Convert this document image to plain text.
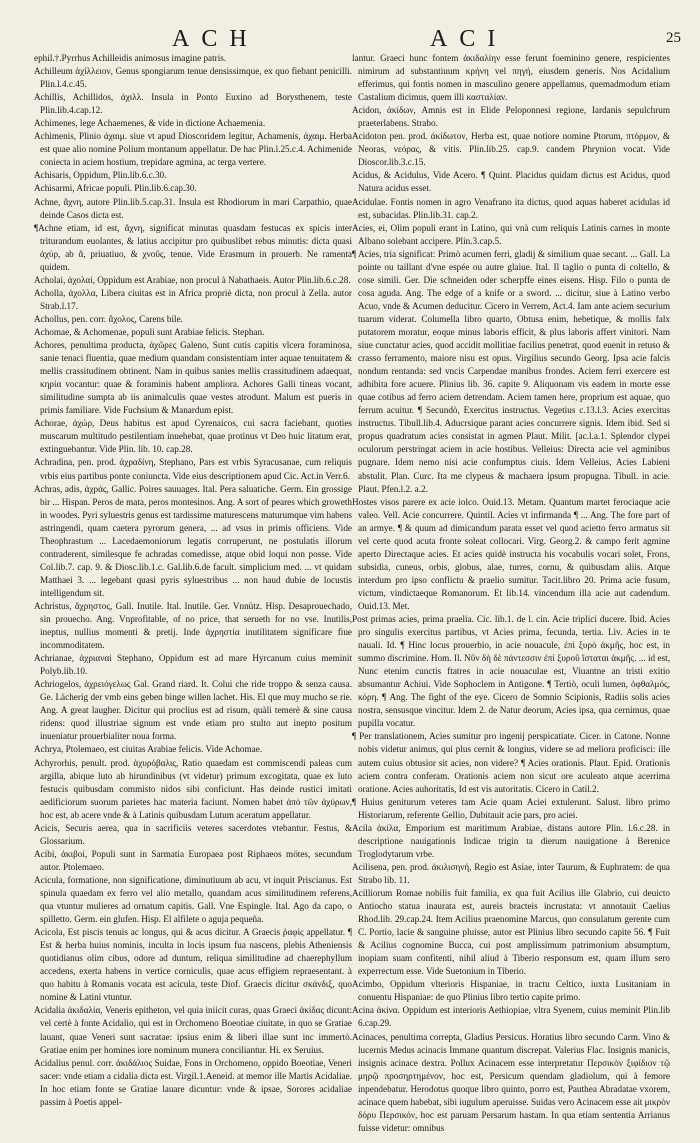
ACH	ACI	25

ephil.†.Pyrrhus Achilleidis animosus imagine patris.

Achilleum ἀχίλλειον, Genus spongiarum tenue densissimque, ex quo fiebant penicilli. Plin.l.4.c.45.

Achillis, Achillidos, ἀχιλλ. Insula in Ponto Euxino ad Borysthenem, teste Plin.lib.4.cap.12.

Achimenes, lege Achaemenes, & vide in dictione Achaemenia.

Achimenis, Plinio ἀχαιμ. siue vt apud Dioscoridem legitur, Achamenis, ἀχαιμ. Herba est quae alio nomine Polium montanum appellatur. De hac Plin.l.25.c.4. Achimenide coniecta in aciem hostium, trepidare agmina, ac terga vertere.

Achisaris, Oppidum, Plin.lib.6.c.30.

Achisarmi, Africae populi. Plin.lib.6.cap.30.

Achne, ἄχνη, autore Plin.lib.5.cap.31. Insula est Rhodiorum in mari Carpathio, quae deinde Casos dicta est.

¶Achne etiam, id est, ἄχνη, significat minutas quasdam festucas ex spicis inter triturandum euolantes, & latius accipitur pro quibuslibet rebus minutis: dicta quasi ἀχύρ, ab ἄ, priuatiuo, & χνοῦς, tenue. Vide Erasmum in prouerb. Ne ramenta quidem.

Acholai, ἀχολαί, Oppidum est Arabiae, non procul à Nabathaeis. Autor Plin.lib.6.c.28.

Acholla, ἀχολλα, Libera ciuitas est in Africa propriè dicta, non procul à Zella. autor Strab.l.17.

Achollus, pen. corr. ἄχολος, Carens bile.

Achomae, & Achomenae, populi sunt Arabiae felicis. Stephan.

Achores, penultima producta, ἀχῶρες Galeno, Sunt cutis capitis vlcera foraminosa, sanie tenaci fluentia, quae medium quandam consistentiam inter aquae tenuitatem & mellis crassitudinem obtinent. Nam in quibus sanies mellis crassitudinem adaequat, κηρία vocantur: quae & foraminis habent ampliora. Achores Galli tineas vocant, similitudine sumpta ab iis animalculis quae vestes atrodunt. Malum est pueris in primis familiare. Vide Fuchsium & Manardum epist.

Achorae, ἀχώρ, Deus habitus est apud Cyrenaicos, cui sacra faciebant, quoties muscarum multitudo pestilentiam inuehebat, quae protinus vt Deo huic litatum erat, extinguebantur. Vide Plin. lib. 10. cap.28.

Achradina, pen. prod. ἀχραδίνη, Stephano, Pars est vrbis Syracusanae, cum reliquis vrbis eius partibus ponte coniuncta. Vide eius descriptionem apud Cic. Act.in Verr.6.

Achras, adis, ἀχράς, Gallic. Poires sauuages. Ital. Pera saluatiche. Germ. Ein grossige bir ... Hispan. Peros de mata, peros montesinos. Ang. A sort of peares which groweth in woodes. Pyri syluestris genus est tardissime maturescens maturumque vim habens astringendi, quam caetera pyrorum genera, ... ad vsus in primis officiens. Vide Theophrastum ... Lacedaemoniorum legatis corruperunt, ne postulatis illorum contraderent, similesque fe achradas comedisse, atque obid loqui non posse. Vide Col.lib.7. cap. 9. & Diosc.lib.1.c. Gal.lib.6.de facult. simplicium med. ... vt quidam Matthaei 3. ... legebant quasi pyris syluestribus ... non haud dubie de locustis intelligendum sit.

Achristus, ἄχρηστος, Gall. Inutile. Ital. Inutile. Ger. Vnnütz. Hisp. Desaprouechado, sin prouecho. Ang. Vnprofitable, of no price, that serueth for no vse. Inutilis, ineptus, nullius momenti & pretij. Inde ἀχρηστία inutilitatem significare fiue incommoditatem.

Achrianae, ἀχριαναί Stephano, Oppidum est ad mare Hyrcanum cuius meminit Polyb.lib.10.

Achriogelos, ἀχρειόγελως Gal. Grand riard. It. Colui che ride troppo & senza causa. Ge. Lächerig der vmb eins geben binge willen lachet. His. El que muy mucho se rie. Ang. A great laugher. Dicitur qui proclius est ad risum, quàli temerè & sine causa ridens: quod illustriae signum est vnde etiam pro stulto aut inepto positum inueniatur prouerbialiter noua forma.

Achrya, Ptolemaeo, est ciuitas Arabiae felicis. Vide Achomae.

Achyrorhis, penult. prod. ἀχυρόβαλις, Ratio quaedam est commiscendi paleas cum argilla, abique luto ab hirundinibus (vt videtur) primum excogitata, quae ex luto festucis quibusdam commisto nidos sibi conficiunt. Has deinde rustici imitati aedificiorum suorum parietes hac materia faciunt. Nomen habet ἀπὸ τῶν ἀχύρων, hoc est, ab acere vnde & à Latinis quibusdam Lutum aceratum appellatur.

Acicis, Securis aerea, qua in sacrificiis veteres sacerdotes vtebantur. Festus, & Glossarium.

Acibi, ἀκιβοί, Populi sunt in Sarmatia Europaea post Riphaeos mötes, secundum autor. Ptolemaeo.

Acicula, formatione, non significatione, diminutiuum ab acu, vt inquit Priscianus. Est spinula quaedam ex ferro vel alio metallo, quandam acus similitudinem referens, qua vtuntur mulieres ad ornatum capitis. Gall. Vne Espingle. Ital. Ago da capo, o spilletto. Germ. ein glufen. Hisp. El alfilete o aguja pequeña.

Acicola, Est piscis tenuis ac longus, qui & acus dicitur. A Graecis ῥαφὶς appellatur. ¶ Est & herba huius nominis, inculta in locis ipsum fua nascens, plebis Atheniensis quotidianus olim cibus, odore ad duntum, reliqua similitudine ad chaerephyllum accedens, exerta habens in vertice corniculis, quae acus effigiem repraesentant. à quo habitu à Romanis vocata est acicula, teste Diof. Graecis dicitur σκάνδιξ, quo nomine & Latini vtuntur.

Acidalia ἀκιδαλία, Veneris epitheton, vel quia iniicit curas, quas Graeci ἀκίδας dicunt: vel certè à fonte Acidalio, qui est in Orchomeno Boeotiae ciuitate, in quo se Gratiae lauant, quae Veneri sunt sacratae: ipsius enim & liberi illae sunt inc immertò. Gratiae enim per homines iore nominum munera conciliantur. Hi. ex Seruius.

Acidalius penul. corr. ἀκιδάλιος Suidae, Fons in Orchomeno, oppido Boeotiae, Veneri sacer: vnde etiam a cidalia dicta est. Virgil.1.Aeneid. at memor ille Martis Acidaliae. In hoc etiam fonte se Gratiae lauare dicuntur: vnde & ipsae, Sorores acidaliae passim à Poetis appel-

lantur. Graeci hunc fontem ἀκιδαλίην esse ferunt foeminino genere, respicientes nimirum ad substantiuum κρήνη vel πηγή, eiusdem generis. Nos Acidalium efferimus, qui fontis nomen in masculino genere appellamus, quemadmodum etiam Castalium dicimus, quem illi κασταλίαν.

Acidon, ἀκίδων, Amnis est in Elide Peloponnesi regione, Iardanis sepulchrum praeterlabens. Strabo.

Acidoton pen. prod. ἀκίδωτον, Herba est, quae notiore nomine Ptorum, πτόρμον, & Neoras, νεόρας, & vitis. Plin.lib.25. cap.9. candem Phrynion vocat. Vide Dioscor.lib.3.c.15.

Acidus, & Acidulus, Vide Acero. ¶ Quint. Placidus quidam dictus est Acidus, quod Natura acidus esset.

Acidulae. Fontis nomen in agro Venafrano ita dictus, quod aquas haberet acidulas id est, subacidas. Plin.lib.31. cap.2.

Acies, ei, Olim populi erant in Latino, qui vnà cum reliquis Latinis carnes in monte Albano solebant accipere. Plin.3.cap.5.

¶ Acies, tria significat: Primò acumen ferri, gladij & similium quae secant. ... Gall. La pointe ou taillant d'vne espée ou autre glaiue. Ital. Il taglio o punta di coltello, & cose simili. Ger. Die schneiden oder scherpffe eines eisens. Hisp. Filo o punta de cosa aguda. Ang. The edge of a knife or a sword. ... dicitur, siue à Latino verbo Acuo, vnde & Acumen deducitur. Cicero in Verrem, Act.4. Iam ante aciem securium tuarum viderat. Columella libro quarto, Obtusa enim, hebetique, & mollis falx putatorem moratur, eoque minus laboris efficit, & plus laboris affert vinitori. Nam siue cunctatur acies, quod accidit mollitiae facilius penetrat, quod euenit in retuso & crasso ferramento, maiore nisu est opus. Virgilius secundo Georg. Ipsa acie falcis nondum rentanda: sed vncis Carpendae manibus frondes. Aciem ferri exercere est adhibita fore acuere. Plinius lib. 36. capite 9. Aliquonam vis eadem in morte esse quae cotibus ad ferro aciem detrendam. Aciem tamen here, proprium est aquae, quo ferrum acuitur. ¶ Secundò, Exercitus instructus. Vegetius c.13.l.3. Acies exercitus instructus. Tibull.lib.4. Aducrsique parant acies concurrere signis. Idem ibid. Sed si propus quadratum acies consistat in agmen Plaut. Milit. [ac.l.a.1. Splendor clypei oculorum perstringat aciem in acie hostibus. Velleius: Directa acie vel agminibus pugnare. Idem nemo nisi acie confumptus ciuis. Idem Velleius, Acies Labieni abstulit. Plan. Curc. Ita me clypeus & machaera ipsum propugna. Tibull. in acie. Plaut. Pfen.l.2. a.2.

Hostes visos parere ex acie iolco. Ouid.13. Metam. Quantum martet ferociaque acie valeo. Vell. Acie concurrere. Quintil. Acies vt infirmanda ¶ ... Ang. The fore part of an armye. ¶ & quum ad dimicandum parata esset vel quod acietto ferro armatus sit vel certe quod acuta fronte soleat collocari. Virg. Georg.2. & campo ferit agmine aperto Directaque acies. Et acies quidè instructa his vocabulis vocari solet, Frons, subsidia, cuneus, orbis, globus, alae, turres, cornu, & quibusdam aliis. Atque interdum pro ipso conflictu & praelio sumitur. Tacit.libro 20. Prima acie fusum, victum, vindictaeque Romanorum. Et lib.14. vincendum illa acie aut cadendum. Ouid.13. Met.

Post primas acies, prima praelia. Cic. lib.1. de l. cin. Acie triplici ducere. Ibid. Acies pro singulis exercitus partibus, vt Acies prima, fecunda, tertia. Liv. Acies in te nauali. Id. ¶ Hinc locus prouerbio, in acie nouacule, ἐπὶ ξυρὸ ἀκμῆς, hoc est, in summo discrimine. Hom. Il. Νῦν δὴ δὲ πάντεσσιν ἐπὶ ξυροῦ ἵσταται ἀκμῆς. ... id est, Nunc etenim cunctis ftatres in acie nouaculae est, Viuantne an tristi exitio absumantur Achiui. Vide Sophoclem in Antigone. ¶ Tertiò, oculi lumen, ὀφθαλμός, κόρη. ¶ Ang. The fight of the eye. Cicero de Somnio Scipionis, Radiis solis acies nostra, sensusque vincitur. Idem 2. de Natur deorum, Acies ipsa, qua cernimus, quae pupilla vocatur.

¶ Per translationem, Acies sumitur pro ingenij perspicatiate. Cicer. in Catone. Nonne nobis videtur animus, qui plus cernit & longius, videre se ad meliora proficisci: ille autem cuius obtusior sit acies, non videre? ¶ Acies orationis. Plaut. Epid. Orationis aciem contra conferam. Orationis aciem non sicut ore aculeato atque acerrima oratione. Acies auhoritatis, Id est vis autoritatis. Cicero in Catil.2.

¶ Huius geniturum veteres tam Acie quam Aciei extulerunt. Salust. libro primo Historiarum, referente Gellio, Dubitauit acie pars, pro aciei.

Acila ἀκίλα, Emporium est maritimum Arabiae, distans autore Plin. l.6.c.28. in descriptione nauigationis Indicae trigin ta dierum nauigatione à Berenice Troglodytarum vrbe.

Acilisena, pen. prod. ἀκιλισηνή, Regio est Asiae, inter Taurum, & Euphratem: de qua Strabo lib. 11.

Acilliorum Romae nobilis fuit familia, ex qua fuit Acilius ille Glabrio, cui deuicto Antiocho statua inaurata est, aureis bracteis incrustata: vt annotauit Caelius Rhod.lib. 29.cap.24. Item Acilius praenomine Marcus, quo consulatum gerente cum C. Portio, lacie & sanguine pluisse, autor est Plinius libro secundo capite 56. ¶ Fuit & Acilius cognomine Bucca, cui post amplissimum patrimonium absumptum, inopiam suam confitenti, nihil aliud à Tiberio responsum est, quam illum sero experrectum esse. Vide Suetonium in Tiberio.

Acimbo, Oppidum vlterioris Hispaniae, in tractu Celtico, iuxta Lusitaniam in conuentu Hispaniae: de quo Plinius libro tertio capite primo.

Acina ἀκίνα. Oppidum est interioris Aethiopiae, vltra Syenem, cuius meminit Plin.lib 6.cap.29.

Acinaces, penultima correpta, Gladius Persicus. Horatius libro secundo Carm. Vino & lucernis Medus acinacis Immane quantum discrepat. Valerius Flac. Insignis manicis, insignis acinace dextra. Pollux Acinacem esse interpretatur Περσικὸν ξιφίδιον τῷ μηρῷ προσηρτημένον, hoc est, Persicum quendam gladiolum, qui à femore inpendebatur. Herodotus quoque libro quinto, porro est, Pauthea Abradatae vxorem, acinace quem habebat, sibi iugulum aperuisse. Suidas vero Acinacem esse ait μικρὸν δόρυ Περσικόν, hoc est paruam Persarum hastam. In qua etiam sententia Arrianus fuisse videtur: omnibus
